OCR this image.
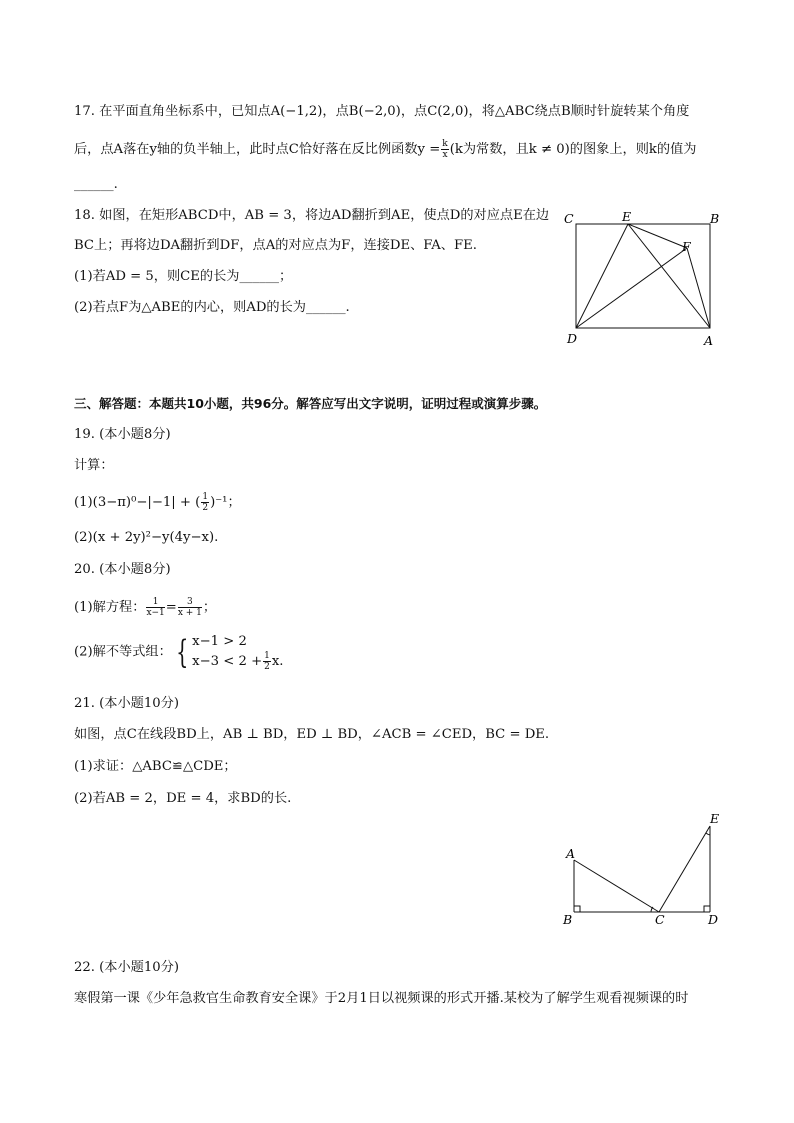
17. 在平面直角坐标系中，已知点A(−1,2)，点B(−2,0)，点C(2,0)，将△ABC绕点B顺时针旋转某个角度
后，点A落在y轴的负半轴上，此时点C恰好落在反比例函数$y = \frac{k}{x} (k$为常数，且k ≠ 0)的图象上，则k的值为
______.
18. 如图，在矩形ABCD中，AB = 3，将边AD翻折到AE，使点D的对应点E在边
BC上；再将边DA翻折到DF，点A的对应点为F，连接DE、FA、FE.
(1)若AD = 5，则CE的长为______；
(2)若点F为△ABE的内心，则AD的长为______.
C	E	B
F
D	A
三、解答题：本题共10小题，共96分。解答应写出文字说明，证明过程或演算步骤。
19. (本小题8分)
计算：
(1)(3−π)⁰−|−1| + ( $\frac{1}{2} )^{-1}$；
(2)(x + 2y)²−y(4y−x).
20. (本小题8分)
(1)解方程： $\frac{1}{x-1} = \frac{3}{x + 1}$ ；
(2)解不等式组： { x−1 > 2
$x-3 < 2 + \frac{1}{2} x$.
21. (本小题10分)
如图，点C在线段BD上，AB ⊥ BD，ED ⊥ BD，∠ACB = ∠CED，BC = DE.
(1)求证：△ABC≌△CDE；
(2)若AB = 2，DE = 4，求BD的长.
A
B	C	D
E
22. (本小题10分)
寒假第一课《少年急救官生命教育安全课》于2月1日以视频课的形式开播.某校为了解学生观看视频课的时
